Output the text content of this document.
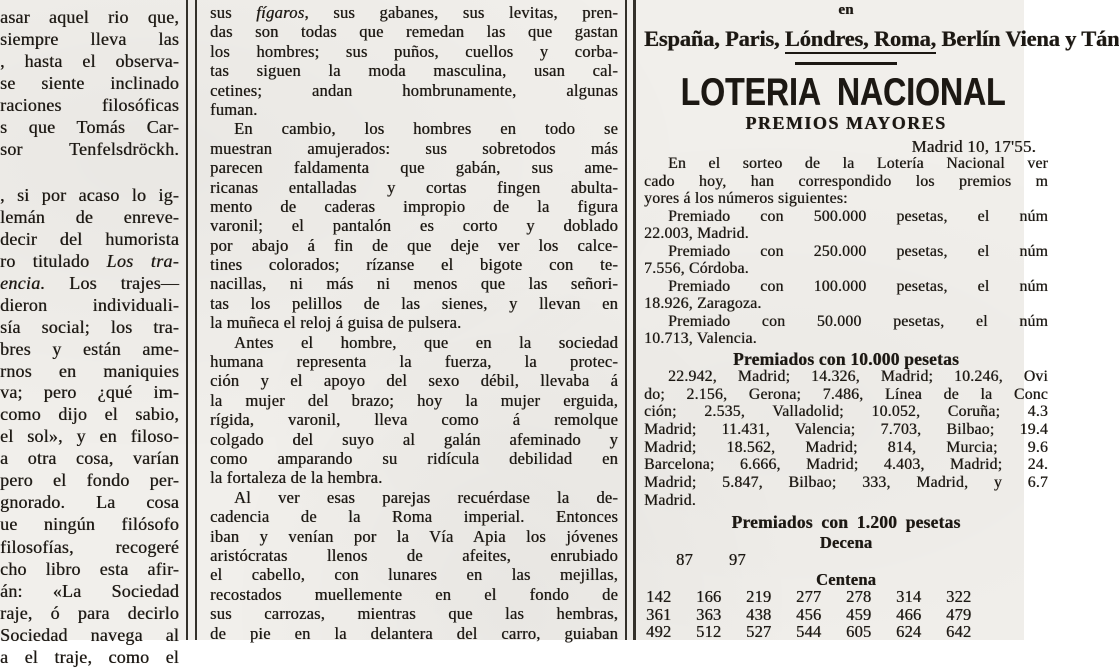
asar aquel rio que,
siempre lleva las
, hasta el observa-
se siente inclinado
raciones filosóficas
s que Tomás Car-
sor Tenfelsdröckh.
, si por acaso lo ig-
lemán de enreve-
decir del humorista
ro titulado Los tra-
encia. Los trajes—
dieron individuali-
sía social; los tra-
bres y están ame-
rnos en maniquies
va; pero ¿qué im-
como dijo el sabio,
el sol», y en filoso-
a otra cosa, varían
pero el fondo per-
gnorado. La cosa
ue ningún filósofo
filosofías, recogeré
cho libro esta afir-
án: «La Sociedad
raje, ó para decirlo
Sociedad navega al
a el traje, como el
sus fígaros, sus gabanes, sus levitas, pren-
das son todas que remedan las que gastan
los hombres; sus puños, cuellos y corba-
tas siguen la moda masculina, usan cal-
cetines; andan hombrunamente, algunas
fuman.
En cambio, los hombres en todo se
muestran amujerados: sus sobretodos más
parecen faldamenta que gabán, sus ame-
ricanas entalladas y cortas fingen abulta-
mento de caderas impropio de la figura
varonil; el pantalón es corto y doblado
por abajo á fin de que deje ver los calce-
tines colorados; rízanse el bigote con te-
nacillas, ni más ni menos que las señori-
tas los pelillos de las sienes, y llevan en
la muñeca el reloj á guisa de pulsera.
Antes el hombre, que en la sociedad
humana representa la fuerza, la protec-
ción y el apoyo del sexo débil, llevaba á
la mujer del brazo; hoy la mujer erguida,
rígida, varonil, lleva como á remolque
colgado del suyo al galán afeminado y
como amparando su ridícula debilidad en
la fortaleza de la hembra.
Al ver esas parejas recuérdase la de-
cadencia de la Roma imperial. Entonces
iban y venían por la Vía Apia los jóvenes
aristócratas llenos de afeites, enrubiado
el cabello, con lunares en las mejillas,
recostados muellemente en el fondo de
sus carrozas, mientras que las hembras,
de pie en la delantera del carro, guiaban
en
España, Paris, Lóndres, Roma, Berlín Viena y Tán
LOTERIA NACIONAL
PREMIOS MAYORES
Madrid 10, 17'55.
En el sorteo de la Lotería Nacional ver
cado hoy, han correspondido los premios m
yores á los números siguientes:
Premiado con 500.000 pesetas, el núm
22.003, Madrid.
Premiado con 250.000 pesetas, el núm
7.556, Córdoba.
Premiado con 100.000 pesetas, el núm
18.926, Zaragoza.
Premiado con 50.000 pesetas, el núm
10.713, Valencia.
Premiados con 10.000 pesetas
22.942, Madrid; 14.326, Madrid; 10.246, Ovi
do; 2.156, Gerona; 7.486, Línea de la Conc
ción; 2.535, Valladolid; 10.052, Coruña; 4.3
Madrid; 11.431, Valencia; 7.703, Bilbao; 19.4
Madrid; 18.562, Madrid; 814, Murcia; 9.6
Barcelona; 6.666, Madrid; 4.403, Madrid; 24.
Madrid; 5.847, Bilbao; 333, Madrid, y 6.7
Madrid.
Premiados con 1.200 pesetas
Decena
87 97
Centena
142	166	219	277	278	314	322
361	363	438	456	459	466	479
492	512	527	544	605	624	642
